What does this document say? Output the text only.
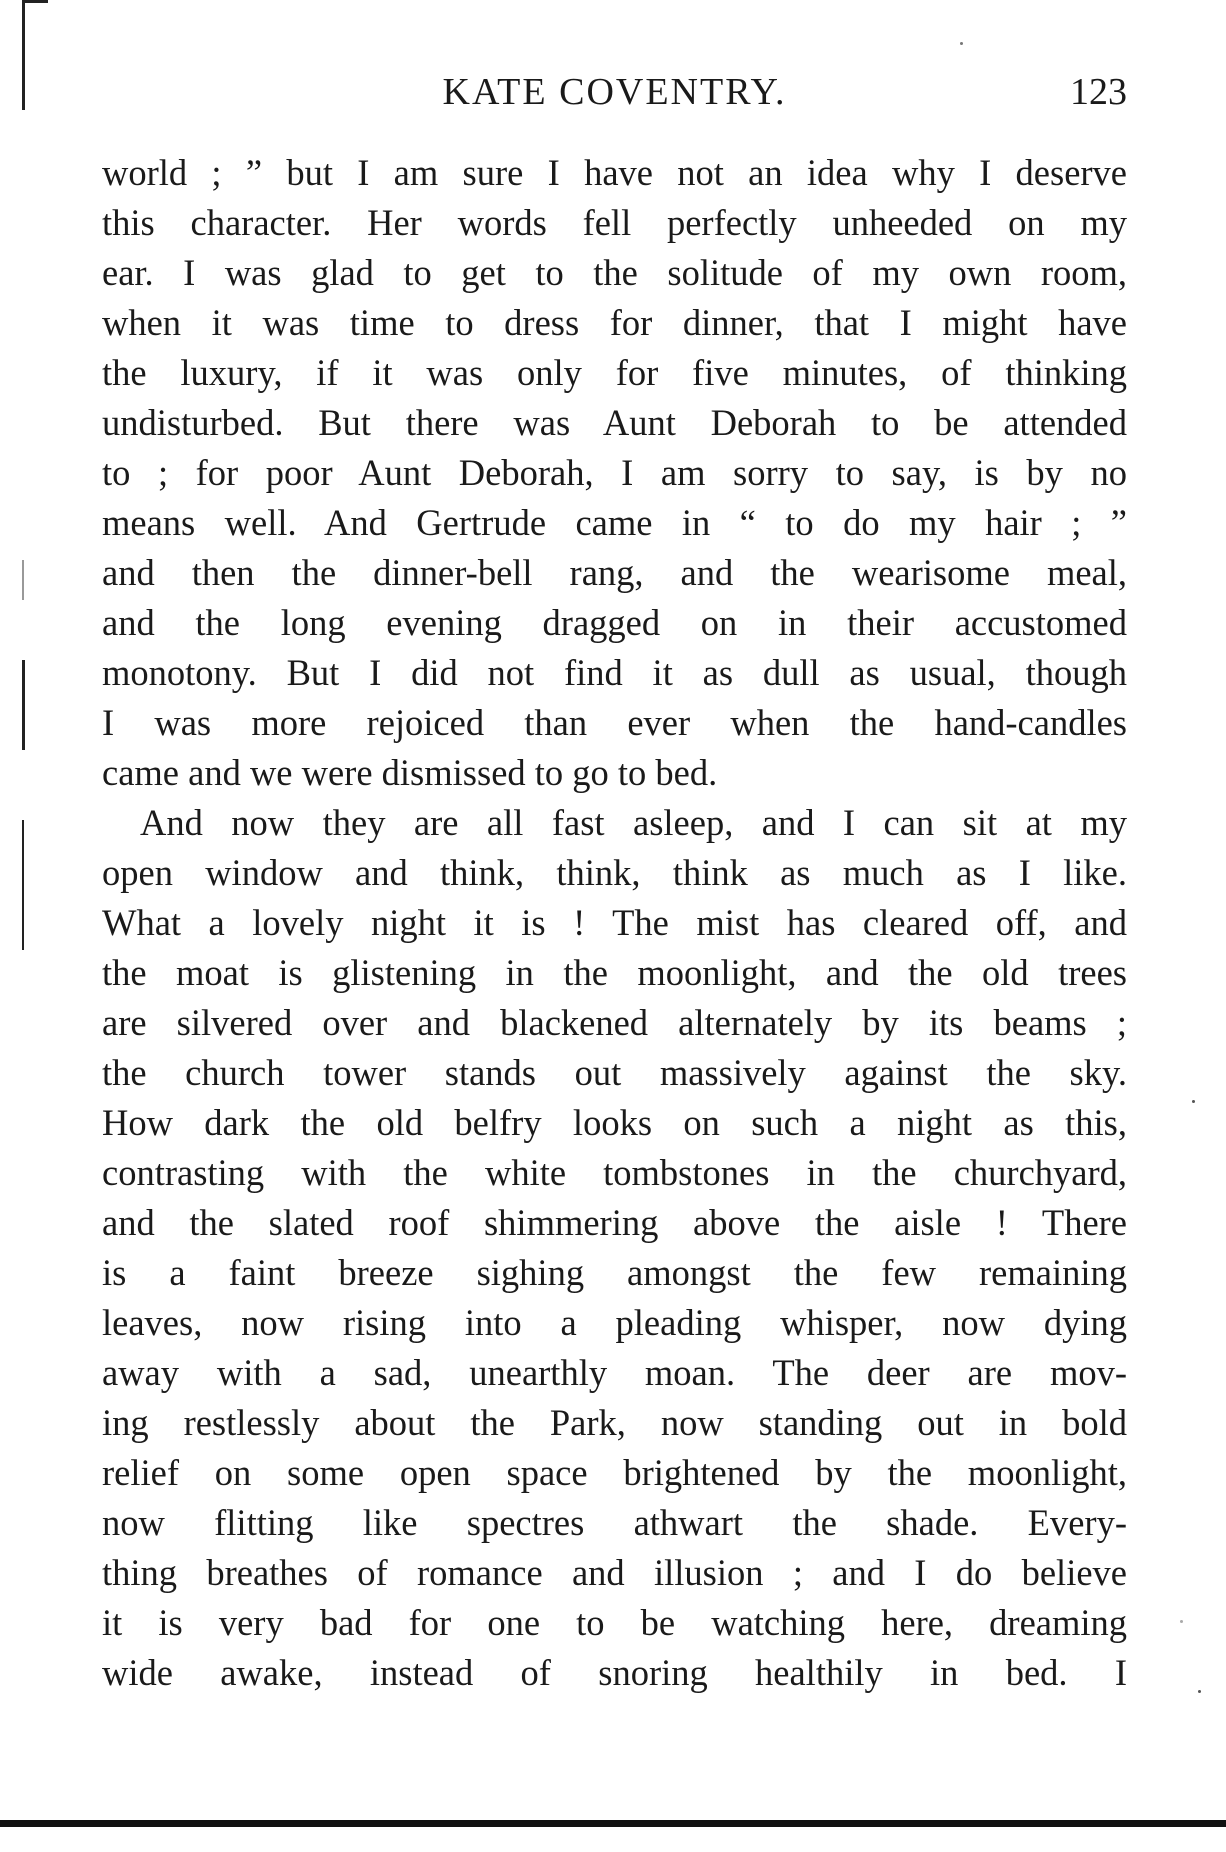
KATE COVENTRY.	123
world ; ” but I am sure I have not an idea why I deserve
this character. Her words fell perfectly unheeded on my
ear. I was glad to get to the solitude of my own room,
when it was time to dress for dinner, that I might have
the luxury, if it was only for five minutes, of thinking
undisturbed. But there was Aunt Deborah to be attended
to ; for poor Aunt Deborah, I am sorry to say, is by no
means well. And Gertrude came in “ to do my hair ; ”
and then the dinner-bell rang, and the wearisome meal,
and the long evening dragged on in their accustomed
monotony. But I did not find it as dull as usual, though
I was more rejoiced than ever when the hand-candles
came and we were dismissed to go to bed.
And now they are all fast asleep, and I can sit at my
open window and think, think, think as much as I like.
What a lovely night it is ! The mist has cleared off, and
the moat is glistening in the moonlight, and the old trees
are silvered over and blackened alternately by its beams ;
the church tower stands out massively against the sky.
How dark the old belfry looks on such a night as this,
contrasting with the white tombstones in the churchyard,
and the slated roof shimmering above the aisle ! There
is a faint breeze sighing amongst the few remaining
leaves, now rising into a pleading whisper, now dying
away with a sad, unearthly moan. The deer are mov-
ing restlessly about the Park, now standing out in bold
relief on some open space brightened by the moonlight,
now flitting like spectres athwart the shade. Every-
thing breathes of romance and illusion ; and I do believe
it is very bad for one to be watching here, dreaming
wide awake, instead of snoring healthily in bed. I
